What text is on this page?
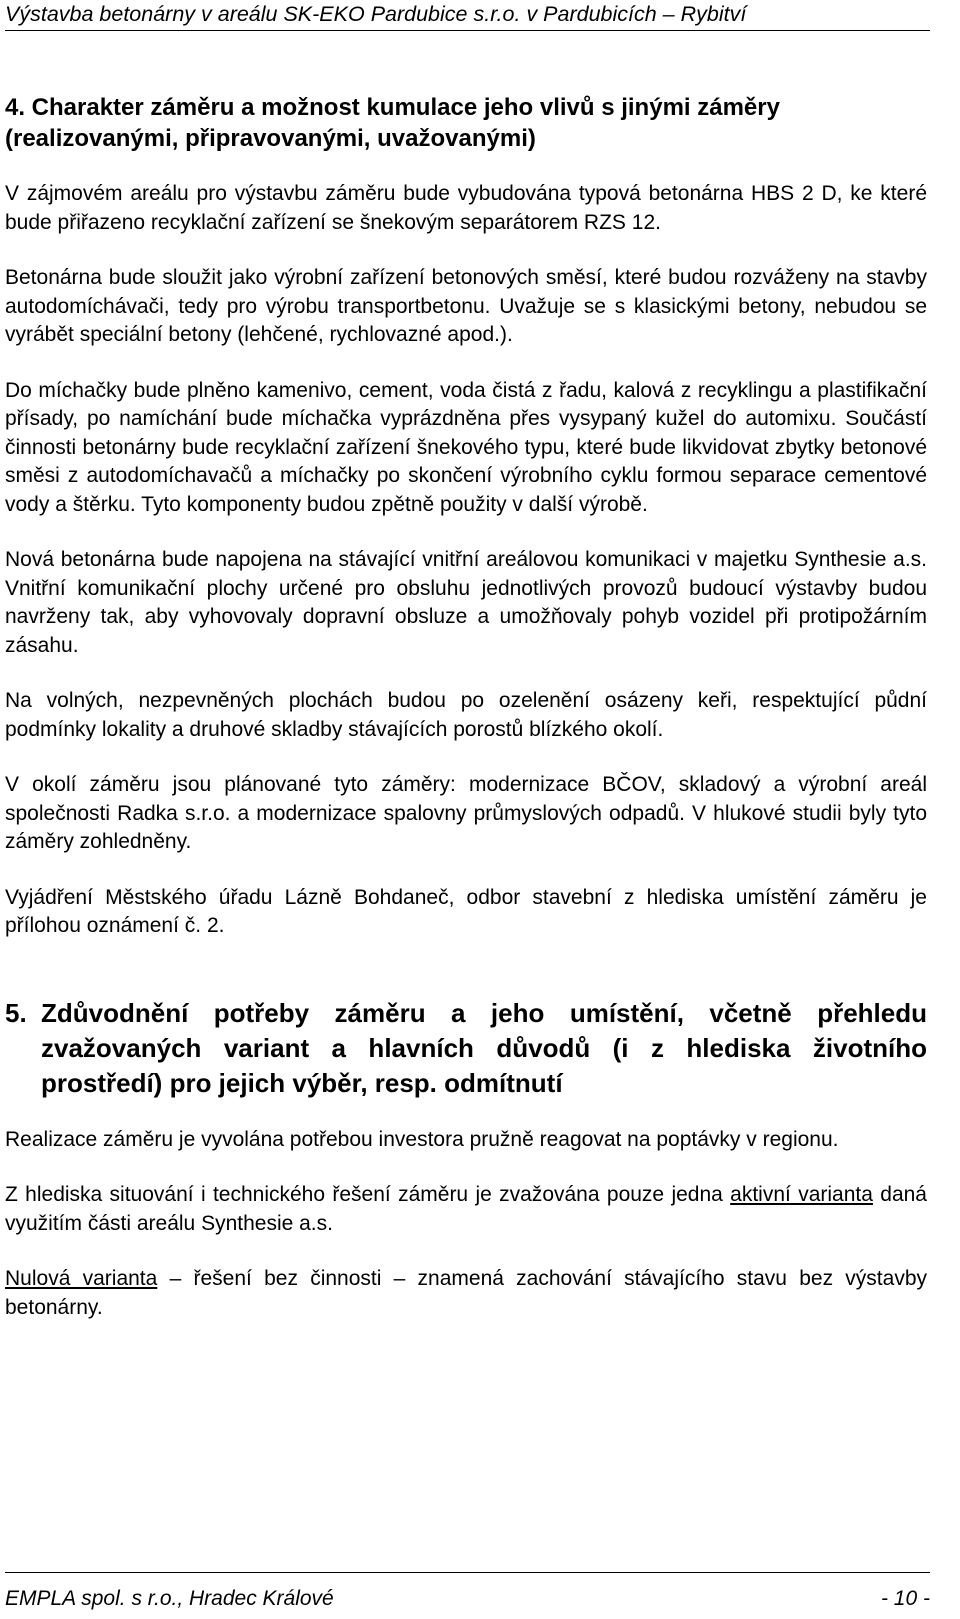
Výstavba betonárny v areálu SK-EKO Pardubice s.r.o. v Pardubicích – Rybitví
4. Charakter záměru a možnost kumulace jeho vlivů s jinými záměry (realizovanými, připravovanými, uvažovanými)

V zájmovém areálu pro výstavbu záměru bude vybudována typová betonárna HBS 2 D, ke které bude přiřazeno recyklační zařízení se šnekovým separátorem RZS 12.

Betonárna bude sloužit jako výrobní zařízení betonových směsí, které budou rozváženy na stavby autodomíchávači, tedy pro výrobu transportbetonu. Uvažuje se s klasickými betony, nebudou se vyrábět speciální betony (lehčené, rychlovazné apod.).

Do míchačky bude plněno kamenivo, cement, voda čistá z řadu, kalová z recyklingu a plastifikační přísady, po namíchání bude míchačka vyprázdněna přes vysypaný kužel do automixu. Součástí činnosti betonárny bude recyklační zařízení šnekového typu, které bude likvidovat zbytky betonové směsi z autodomíchavačů a míchačky po skončení výrobního cyklu formou separace cementové vody a štěrku. Tyto komponenty budou zpětně použity v další výrobě.

Nová betonárna bude napojena na stávající vnitřní areálovou komunikaci v majetku Synthesie a.s. Vnitřní komunikační plochy určené pro obsluhu jednotlivých provozů budoucí výstavby budou navrženy tak, aby vyhovovaly dopravní obsluze a umožňovaly pohyb vozidel při protipožárním zásahu.

Na volných, nezpevněných plochách budou po ozelenění osázeny keři, respektující půdní podmínky lokality a druhové skladby stávajících porostů blízkého okolí.

V okolí záměru jsou plánované tyto záměry: modernizace BČOV, skladový a výrobní areál společnosti Radka s.r.o. a modernizace spalovny průmyslových odpadů. V hlukové studii byly tyto záměry zohledněny.

Vyjádření Městského úřadu Lázně Bohdaneč, odbor stavební z hlediska umístění záměru je přílohou oznámení č. 2.

5. Zdůvodnění potřeby záměru a jeho umístění, včetně přehledu zvažovaných variant a hlavních důvodů (i z hlediska životního prostředí) pro jejich výběr, resp. odmítnutí

Realizace záměru je vyvolána potřebou investora pružně reagovat na poptávky v regionu.

Z hlediska situování i technického řešení záměru je zvažována pouze jedna aktivní varianta daná využitím části areálu Synthesie a.s.

Nulová varianta – řešení bez činnosti – znamená zachování stávajícího stavu bez výstavby betonárny.

EMPLA spol. s r.o., Hradec Králové	- 10 -
